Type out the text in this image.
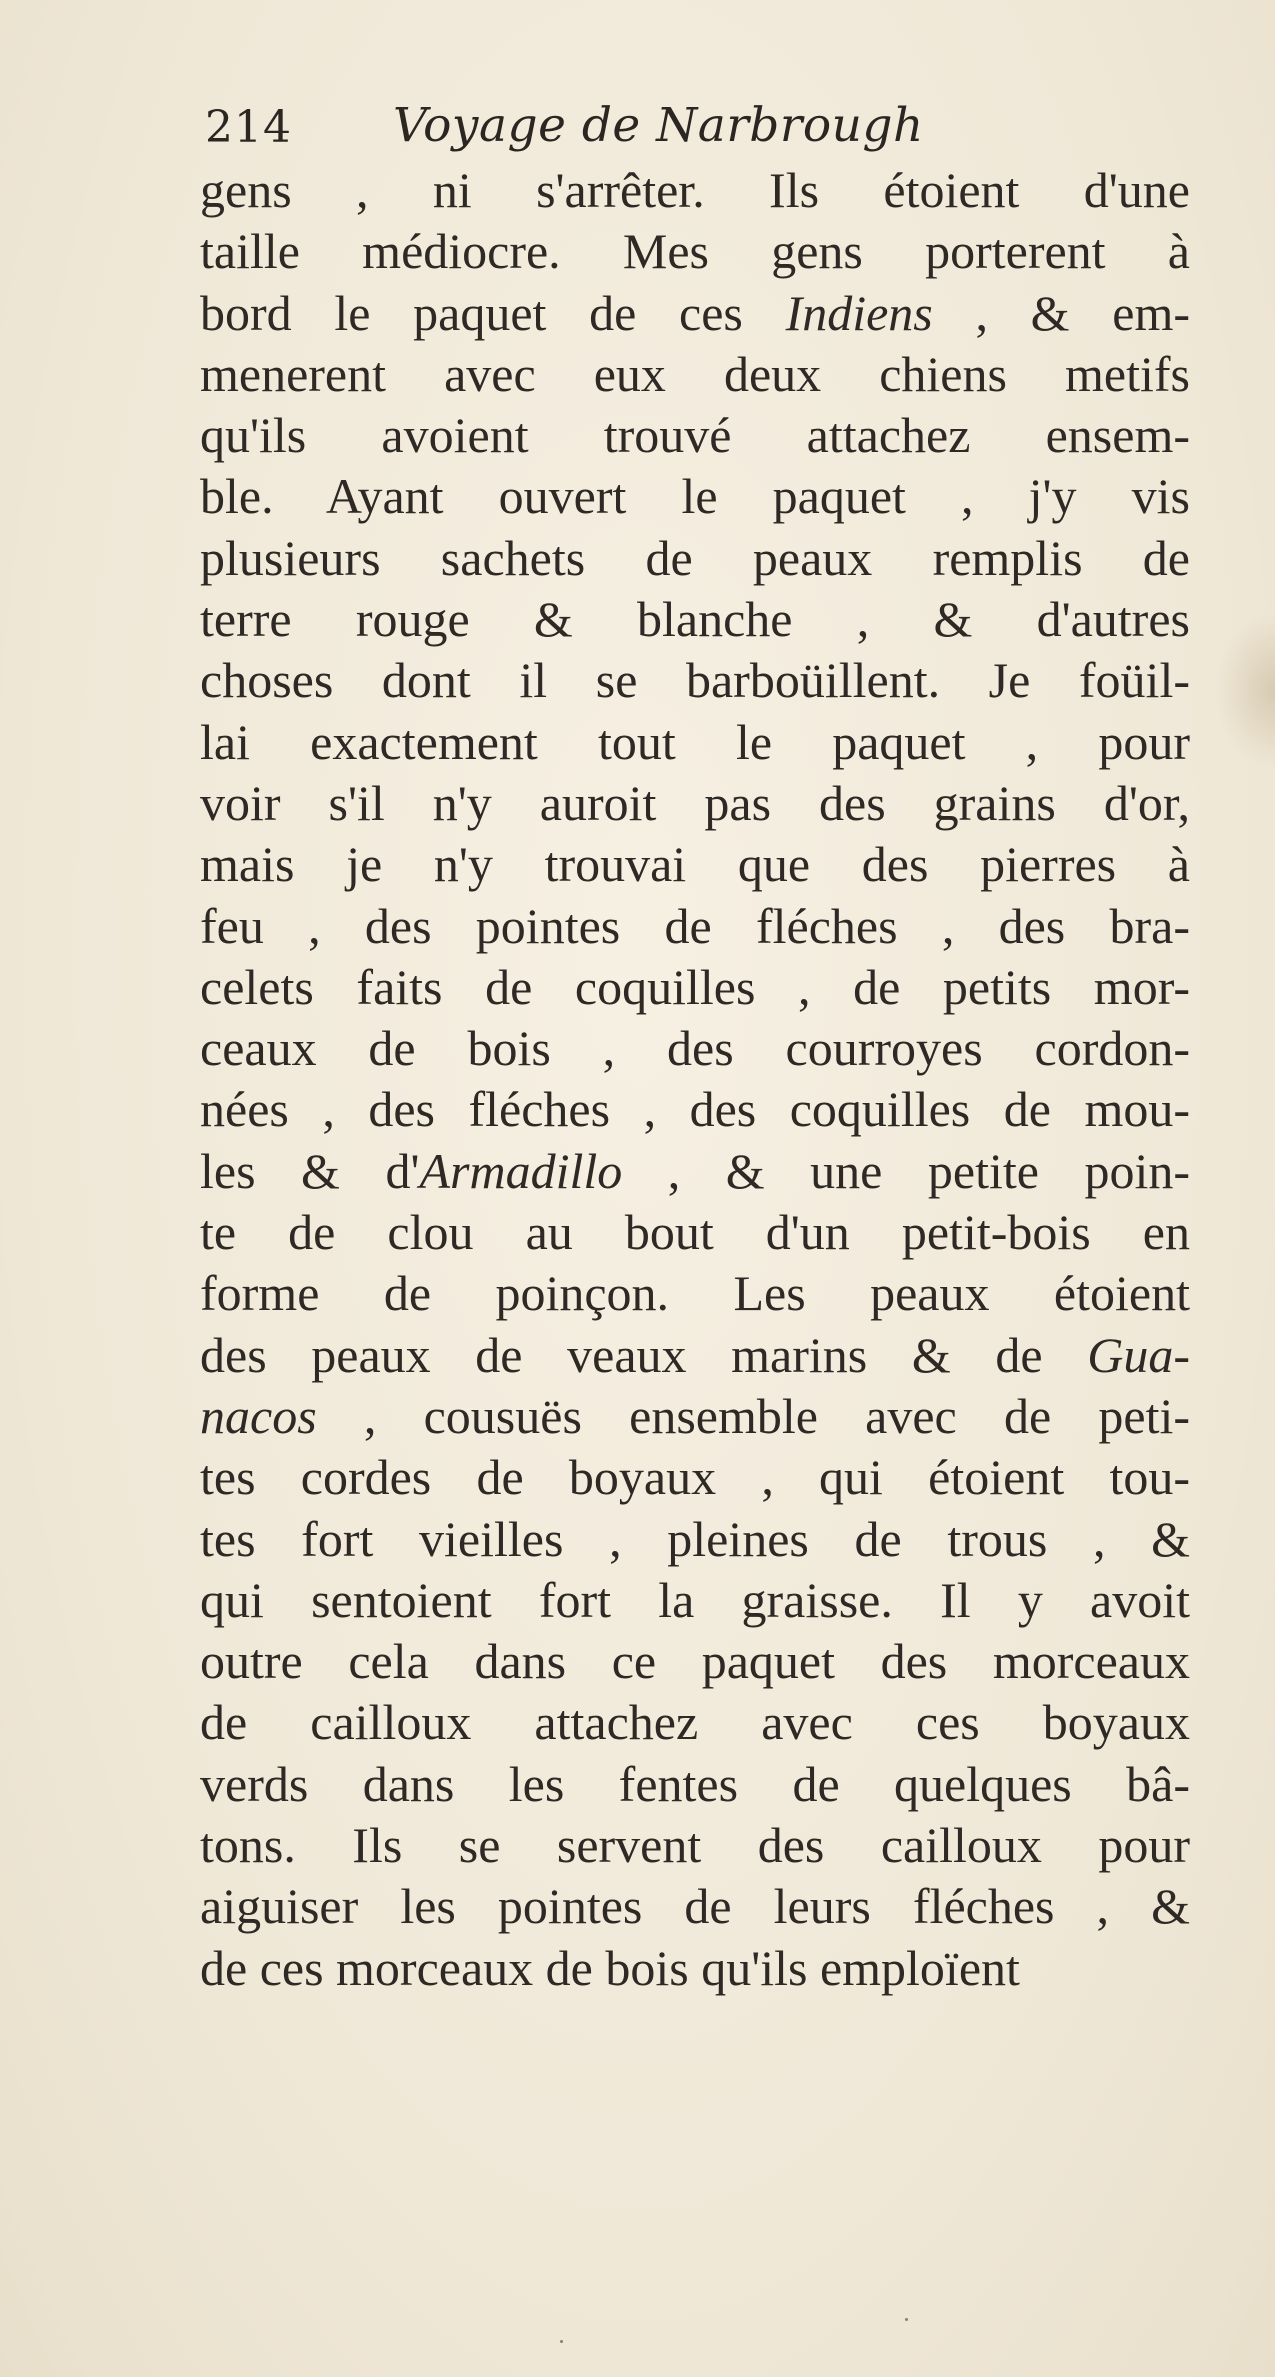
214 Voyage de Narbrough
gens , ni s'arrêter. Ils étoient d'une
taille médiocre. Mes gens porterent à
bord le paquet de ces Indiens , & em-
menerent avec eux deux chiens metifs
qu'ils avoient trouvé attachez ensem-
ble. Ayant ouvert le paquet , j'y vis
plusieurs sachets de peaux remplis de
terre rouge & blanche , & d'autres
choses dont il se barboüillent. Je foüil-
lai exactement tout le paquet , pour
voir s'il n'y auroit pas des grains d'or,
mais je n'y trouvai que des pierres à
feu , des pointes de fléches , des bra-
celets faits de coquilles , de petits mor-
ceaux de bois , des courroyes cordon-
nées , des fléches , des coquilles de mou-
les & d'Armadillo , & une petite poin-
te de clou au bout d'un petit-bois en
forme de poinçon. Les peaux étoient
des peaux de veaux marins & de Gua-
nacos , cousuës ensemble avec de peti-
tes cordes de boyaux , qui étoient tou-
tes fort vieilles , pleines de trous , &
qui sentoient fort la graisse. Il y avoit
outre cela dans ce paquet des morceaux
de cailloux attachez avec ces boyaux
verds dans les fentes de quelques bâ-
tons. Ils se servent des cailloux pour
aiguiser les pointes de leurs fléches , &
de ces morceaux de bois qu'ils emploïent
